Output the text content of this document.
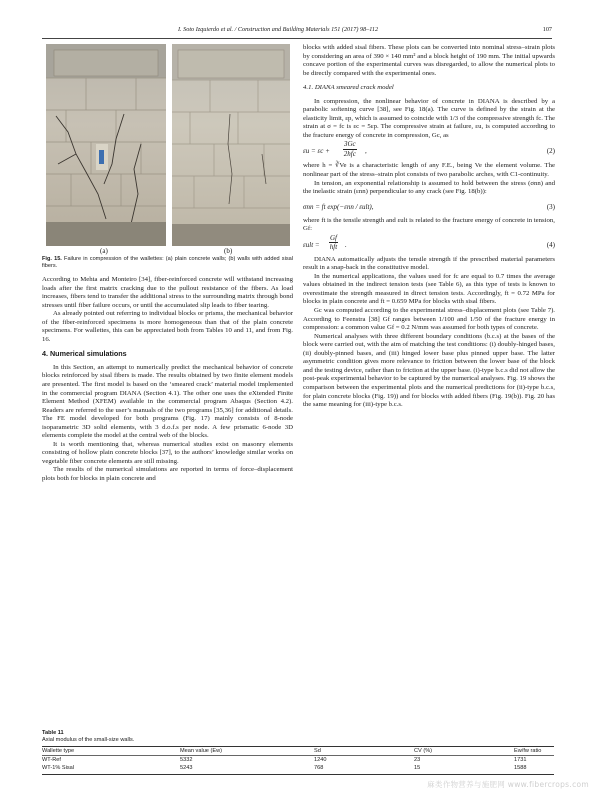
I. Soto Izquierdo et al. / Construction and Building Materials 151 (2017) 98–112	107
(a)	(b)

Fig. 15. Failure in compression of the wallettes: (a) plain concrete walls; (b) walls with added sisal fibers.

According to Mehta and Monteiro [34], fiber-reinforced concrete will withstand increasing loads after the first matrix cracking due to the pullout resistance of the fibers. As load increases, fibers tend to transfer the additional stress to the surrounding matrix through bond stresses until fiber failure occurs, or until the accumulated slip leads to fiber tearing.

As already pointed out referring to individual blocks or prisms, the mechanical behavior of the fiber-reinforced specimens is more homogeneous than that of the plain concrete specimens. For wallettes, this can be appreciated both from Tables 10 and 11, and from Fig. 16.

4. Numerical simulations

In this Section, an attempt to numerically predict the mechanical behavior of concrete blocks reinforced by sisal fibers is made. The results obtained by two finite element models are presented. The first model is based on the ‘smeared crack’ material model implemented in the commercial program DIANA (Section 4.1). The other one uses the eXtended Finite Element Method (XFEM) available in the commercial program Abaqus (Section 4.2). Readers are referred to the user’s manuals of the two programs [35,36] for additional details. The FE model developed for both programs (Fig. 17) mainly consists of 8-node isoparametric 3D solid elements, with 3 d.o.f.s per node. A few prismatic 6-node 3D elements complete the model at the central web of the blocks.

It is worth mentioning that, whereas numerical studies exist on masonry elements consisting of hollow plain concrete blocks [37], to the authors’ knowledge similar works on vegetable fiber concrete elements are still missing.

The results of the numerical simulations are reported in terms of force–displacement plots both for blocks in plain concrete and

blocks with added sisal fibers. These plots can be converted into nominal stress–strain plots by considering an area of 390 × 140 mm² and a block height of 190 mm. The initial upwards concave portion of the experimental curves was disregarded, to allow the numerical plots to be directly compared with the experimental ones.

4.1. DIANA smeared crack model

In compression, the nonlinear behavior of concrete in DIANA is described by a parabolic softening curve [38], see Fig. 18(a). The curve is defined by the strain at the elasticity limit, εp, which is assumed to coincide with 1/3 of the compressive strength fc. The strain at σ = fc is εc = 5εp. The compressive strain at failure, εu, is computed according to the fracture energy of concrete in compression, Gc, as

εu = εc +
3Gc
2hfc ,	(2)

where h = ∛Ve is a characteristic length of any F.E., being Ve the element volume. The nonlinear part of the stress–strain plot consists of two parabolic arches, with C1-continuity.

In tension, an exponential relationship is assumed to hold between the stress (σnn) and the inelastic strain (εnn) perpendicular to any crack (see Fig. 18(b)):

σnn = ft exp(−εnn / εult),	(3)

where ft is the tensile strength and εult is related to the fracture energy of concrete in tension, Gf:

εult =
Gf
hft .	(4)

DIANA automatically adjusts the tensile strength if the prescribed material parameters result in a snap-back in the constitutive model.

In the numerical applications, the values used for fc are equal to 0.7 times the average values obtained in the indirect tension tests (see Table 6), as this type of tests is known to overestimate the strength measured in direct tension tests. Accordingly, ft = 0.72 MPa for blocks in plain concrete and ft = 0.659 MPa for blocks with sisal fibers.

Gc was computed according to the experimental stress–displacement plots (see Table 7). According to Feenstra [38] Gf ranges between 1/100 and 1/50 of the fracture energy in compression: a common value Gf = 0.2 N/mm was assumed for both types of concrete.

Numerical analyses with three different boundary conditions (b.c.s) at the bases of the block were carried out, with the aim of matching the test conditions: (i) doubly-hinged bases, (ii) doubly-pinned bases, and (iii) hinged lower base plus pinned upper base. The latter asymmetric condition gives more relevance to friction between the lower base of the block and the testing device, rather than to friction at the upper base. (i)-type b.c.s did not allow the post-peak experimental behavior to be captured by the numerical analyses. Fig. 19 shows the comparison between the experimental plots and the numerical predictions for (ii)-type b.c.s, for plain concrete blocks (Fig. 19)) and for blocks with added fibers (Fig. 19(b)). Fig. 20 has the same meaning for (iii)-type b.c.s.

Table 11
Axial modulus of the small-size walls.
Wallette type	Mean value (Ew)	Sd	CV (%)	Ew/fw ratio
WT-Ref	5332	1240	23	1731
WT-1% Sisal	5243	768	15	1588
麻类作物营养与施肥网 www.fibercrops.com
